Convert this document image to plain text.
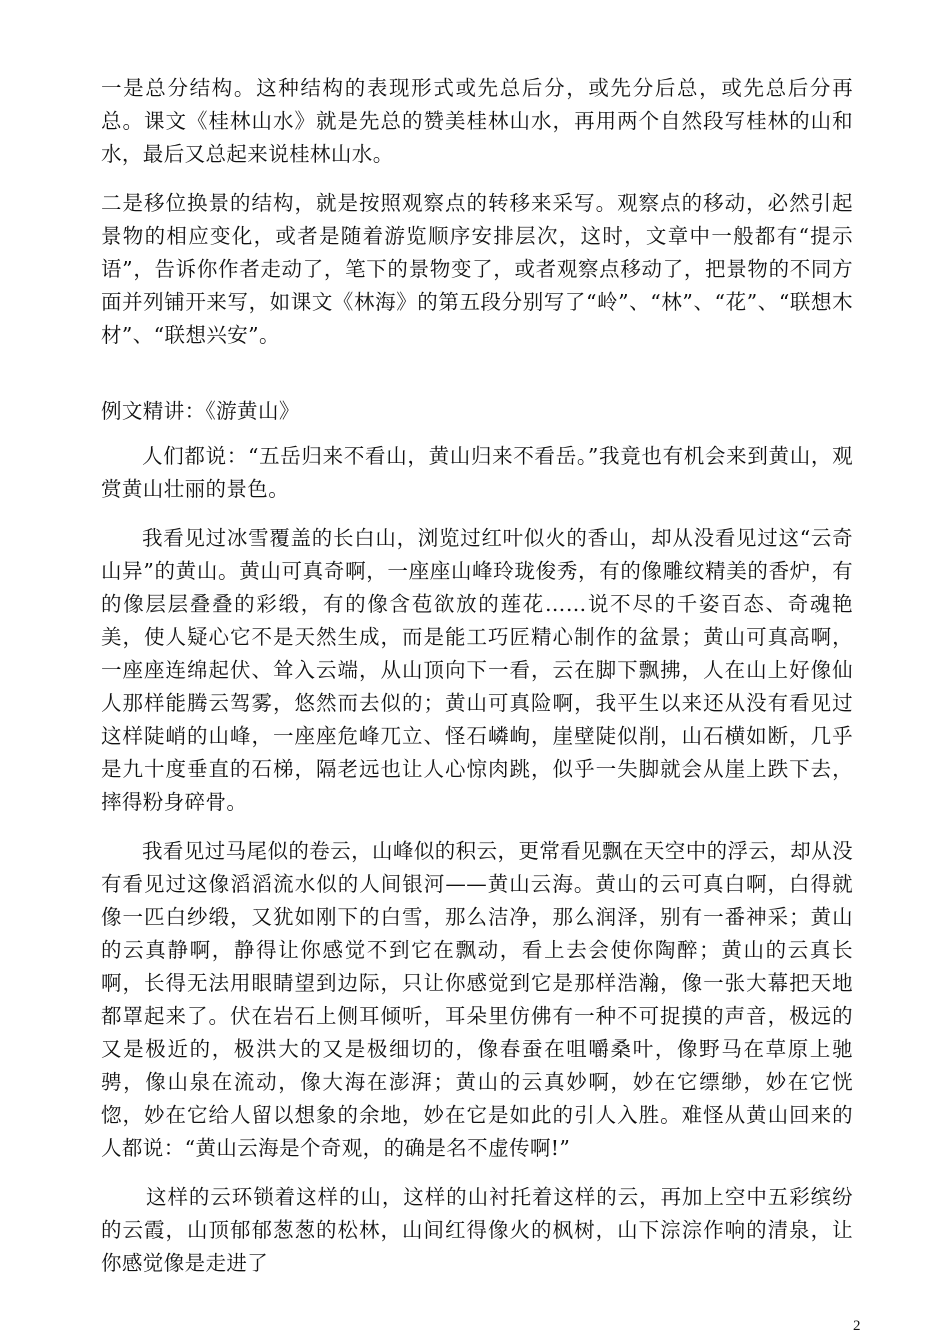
一是总分结构。这种结构的表现形式或先总后分，或先分后总，或先总后分再总。课文《桂林山水》就是先总的赞美桂林山水，再用两个自然段写桂林的山和水，最后又总起来说桂林山水。

二是移位换景的结构，就是按照观察点的转移来采写。观察点的移动，必然引起景物的相应变化，或者是随着游览顺序安排层次，这时，文章中一般都有“提示语”，告诉你作者走动了，笔下的景物变了，或者观察点移动了，把景物的不同方面并列铺开来写，如课文《林海》的第五段分别写了“岭”、“林”、“花”、“联想木材”、“联想兴安”。

例文精讲：《游黄山》

人们都说：“五岳归来不看山，黄山归来不看岳。”我竟也有机会来到黄山，观赏黄山壮丽的景色。

我看见过冰雪覆盖的长白山，浏览过红叶似火的香山，却从没看见过这“云奇山异”的黄山。黄山可真奇啊，一座座山峰玲珑俊秀，有的像雕纹精美的香炉，有的像层层叠叠的彩缎，有的像含苞欲放的莲花……说不尽的千姿百态、奇魂艳美，使人疑心它不是天然生成，而是能工巧匠精心制作的盆景；黄山可真高啊，一座座连绵起伏、耸入云端，从山顶向下一看，云在脚下飘拂，人在山上好像仙人那样能腾云驾雾，悠然而去似的；黄山可真险啊，我平生以来还从没有看见过这样陡峭的山峰，一座座危峰兀立、怪石嶙峋，崖壁陡似削，山石横如断，几乎是九十度垂直的石梯，隔老远也让人心惊肉跳，似乎一失脚就会从崖上跌下去，摔得粉身碎骨。

我看见过马尾似的卷云，山峰似的积云，更常看见飘在天空中的浮云，却从没有看见过这像滔滔流水似的人间银河——黄山云海。黄山的云可真白啊，白得就像一匹白纱缎，又犹如刚下的白雪，那么洁净，那么润泽，别有一番神采；黄山的云真静啊，静得让你感觉不到它在飘动，看上去会使你陶醉；黄山的云真长啊，长得无法用眼睛望到边际，只让你感觉到它是那样浩瀚，像一张大幕把天地都罩起来了。伏在岩石上侧耳倾听，耳朵里仿佛有一种不可捉摸的声音，极远的又是极近的，极洪大的又是极细切的，像春蚕在咀嚼桑叶，像野马在草原上驰骋，像山泉在流动，像大海在澎湃；黄山的云真妙啊，妙在它缥缈，妙在它恍惚，妙在它给人留以想象的余地，妙在它是如此的引人入胜。难怪从黄山回来的人都说：“黄山云海是个奇观，的确是名不虚传啊!”

这样的云环锁着这样的山，这样的山衬托着这样的云，再加上空中五彩缤纷的云霞，山顶郁郁葱葱的松林，山间红得像火的枫树，山下淙淙作响的清泉，让你感觉像是走进了

2
